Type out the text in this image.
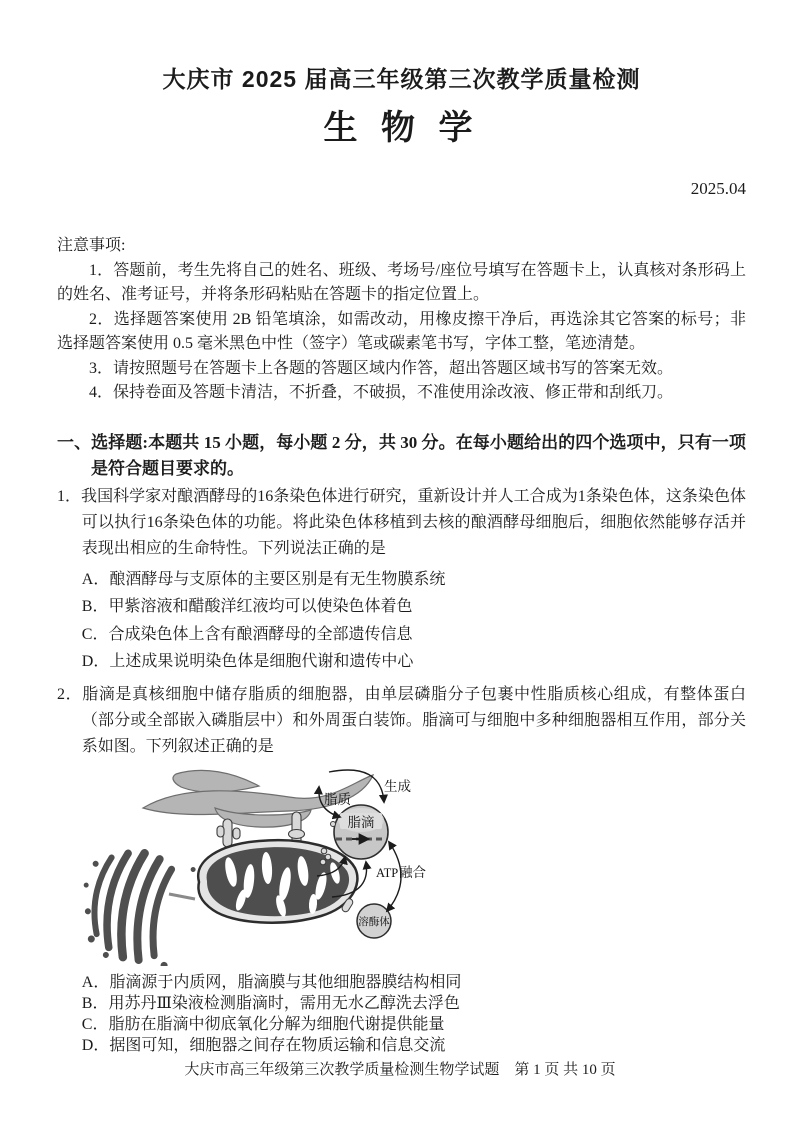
大庆市 2025 届高三年级第三次教学质量检测
生 物 学
2025.04
注意事项:

1．答题前，考生先将自己的姓名、班级、考场号/座位号填写在答题卡上，认真核对条形码上的姓名、准考证号，并将条形码粘贴在答题卡的指定位置上。

2．选择题答案使用 2B 铅笔填涂，如需改动，用橡皮擦干净后，再选涂其它答案的标号；非选择题答案使用 0.5 毫米黑色中性（签字）笔或碳素笔书写，字体工整，笔迹清楚。

3．请按照题号在答题卡上各题的答题区域内作答，超出答题区域书写的答案无效。

4．保持卷面及答题卡清洁，不折叠，不破损，不准使用涂改液、修正带和刮纸刀。

一、选择题:本题共 15 小题，每小题 2 分，共 30 分。在每小题给出的四个选项中，只有一项是符合题目要求的。

1．我国科学家对酿酒酵母的16条染色体进行研究，重新设计并人工合成为1条染色体，这条染色体可以执行16条染色体的功能。将此染色体移植到去核的酿酒酵母细胞后，细胞依然能够存活并表现出相应的生命特性。下列说法正确的是

A．酿酒酵母与支原体的主要区别是有无生物膜系统
B．甲紫溶液和醋酸洋红液均可以使染色体着色
C．合成染色体上含有酿酒酵母的全部遗传信息
D．上述成果说明染色体是细胞代谢和遗传中心

2．脂滴是真核细胞中储存脂质的细胞器，由单层磷脂分子包裹中性脂质核心组成，有整体蛋白（部分或全部嵌入磷脂层中）和外周蛋白装饰。脂滴可与细胞中多种细胞器相互作用，部分关系如图。下列叙述正确的是

脂滴
溶酶体
脂质
生成
ATP 融合
A．脂滴源于内质网，脂滴膜与其他细胞器膜结构相同
B．用苏丹Ⅲ染液检测脂滴时，需用无水乙醇洗去浮色
C．脂肪在脂滴中彻底氧化分解为细胞代谢提供能量
D．据图可知，细胞器之间存在物质运输和信息交流
大庆市高三年级第三次教学质量检测生物学试题　第 1 页 共 10 页
